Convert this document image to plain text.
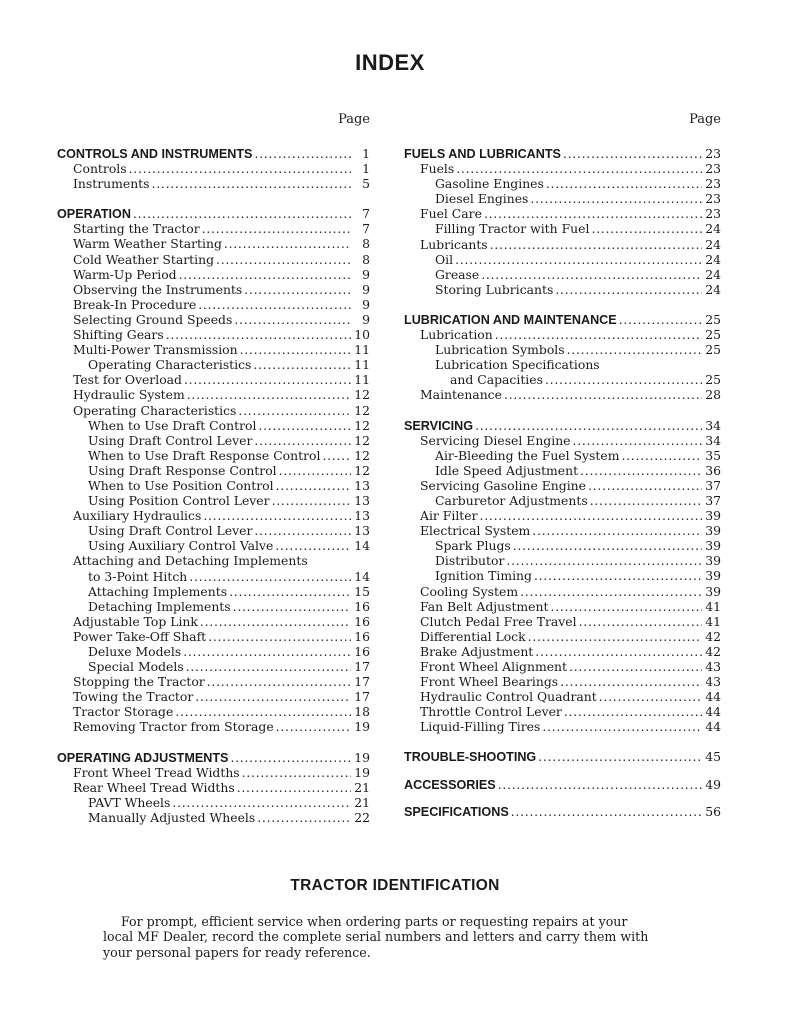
INDEX
Page
CONTROLS AND INSTRUMENTS . . .	1
Controls . . .	1
Instruments . . .	5
OPERATION . . .	7
Starting the Tractor . . .	7
Warm Weather Starting . . .	8
Cold Weather Starting . . .	8
Warm-Up Period . . .	9
Observing the Instruments . . .	9
Break-In Procedure . . .	9
Selecting Ground Speeds . . .	9
Shifting Gears . . .	10
Multi-Power Transmission . . .	11
Operating Characteristics . . .	11
Test for Overload . . .	11
Hydraulic System . . .	12
Operating Characteristics . . .	12
When to Use Draft Control . . .	12
Using Draft Control Lever . . .	12
When to Use Draft Response Control . . .	12
Using Draft Response Control . . .	12
When to Use Position Control . . .	13
Using Position Control Lever . . .	13
Auxiliary Hydraulics . . .	13
Using Draft Control Lever . . .	13
Using Auxiliary Control Valve . . .	14
Attaching and Detaching Implements
to 3-Point Hitch . . .	14
Attaching Implements . . .	15
Detaching Implements . . .	16
Adjustable Top Link . . .	16
Power Take-Off Shaft . . .	16
Deluxe Models . . .	16
Special Models . . .	17
Stopping the Tractor . . .	17
Towing the Tractor . . .	17
Tractor Storage . . .	18
Removing Tractor from Storage . . .	19
OPERATING ADJUSTMENTS . . .	19
Front Wheel Tread Widths . . .	19
Rear Wheel Tread Widths . . .	21
PAVT Wheels . . .	21
Manually Adjusted Wheels . . .	22
Page
FUELS AND LUBRICANTS . . .	23
Fuels . . .	23
Gasoline Engines . . .	23
Diesel Engines . . .	23
Fuel Care . . .	23
Filling Tractor with Fuel . . .	24
Lubricants . . .	24
Oil . . .	24
Grease . . .	24
Storing Lubricants . . .	24
LUBRICATION AND MAINTENANCE . . .	25
Lubrication . . .	25
Lubrication Symbols . . .	25
Lubrication Specifications
and Capacities . . .	25
Maintenance . . .	28
SERVICING . . .	34
Servicing Diesel Engine . . .	34
Air-Bleeding the Fuel System . . .	35
Idle Speed Adjustment . . .	36
Servicing Gasoline Engine . . .	37
Carburetor Adjustments . . .	37
Air Filter . . .	39
Electrical System . . .	39
Spark Plugs . . .	39
Distributor . . .	39
Ignition Timing . . .	39
Cooling System . . .	39
Fan Belt Adjustment . . .	41
Clutch Pedal Free Travel . . .	41
Differential Lock . . .	42
Brake Adjustment . . .	42
Front Wheel Alignment . . .	43
Front Wheel Bearings . . .	43
Hydraulic Control Quadrant . . .	44
Throttle Control Lever . . .	44
Liquid-Filling Tires . . .	44
TROUBLE-SHOOTING . . .	45
ACCESSORIES . . .	49
SPECIFICATIONS . . .	56
TRACTOR IDENTIFICATION
For prompt, efficient service when ordering parts or requesting repairs at your
local MF Dealer, record the complete serial numbers and letters and carry them with
your personal papers for ready reference.
